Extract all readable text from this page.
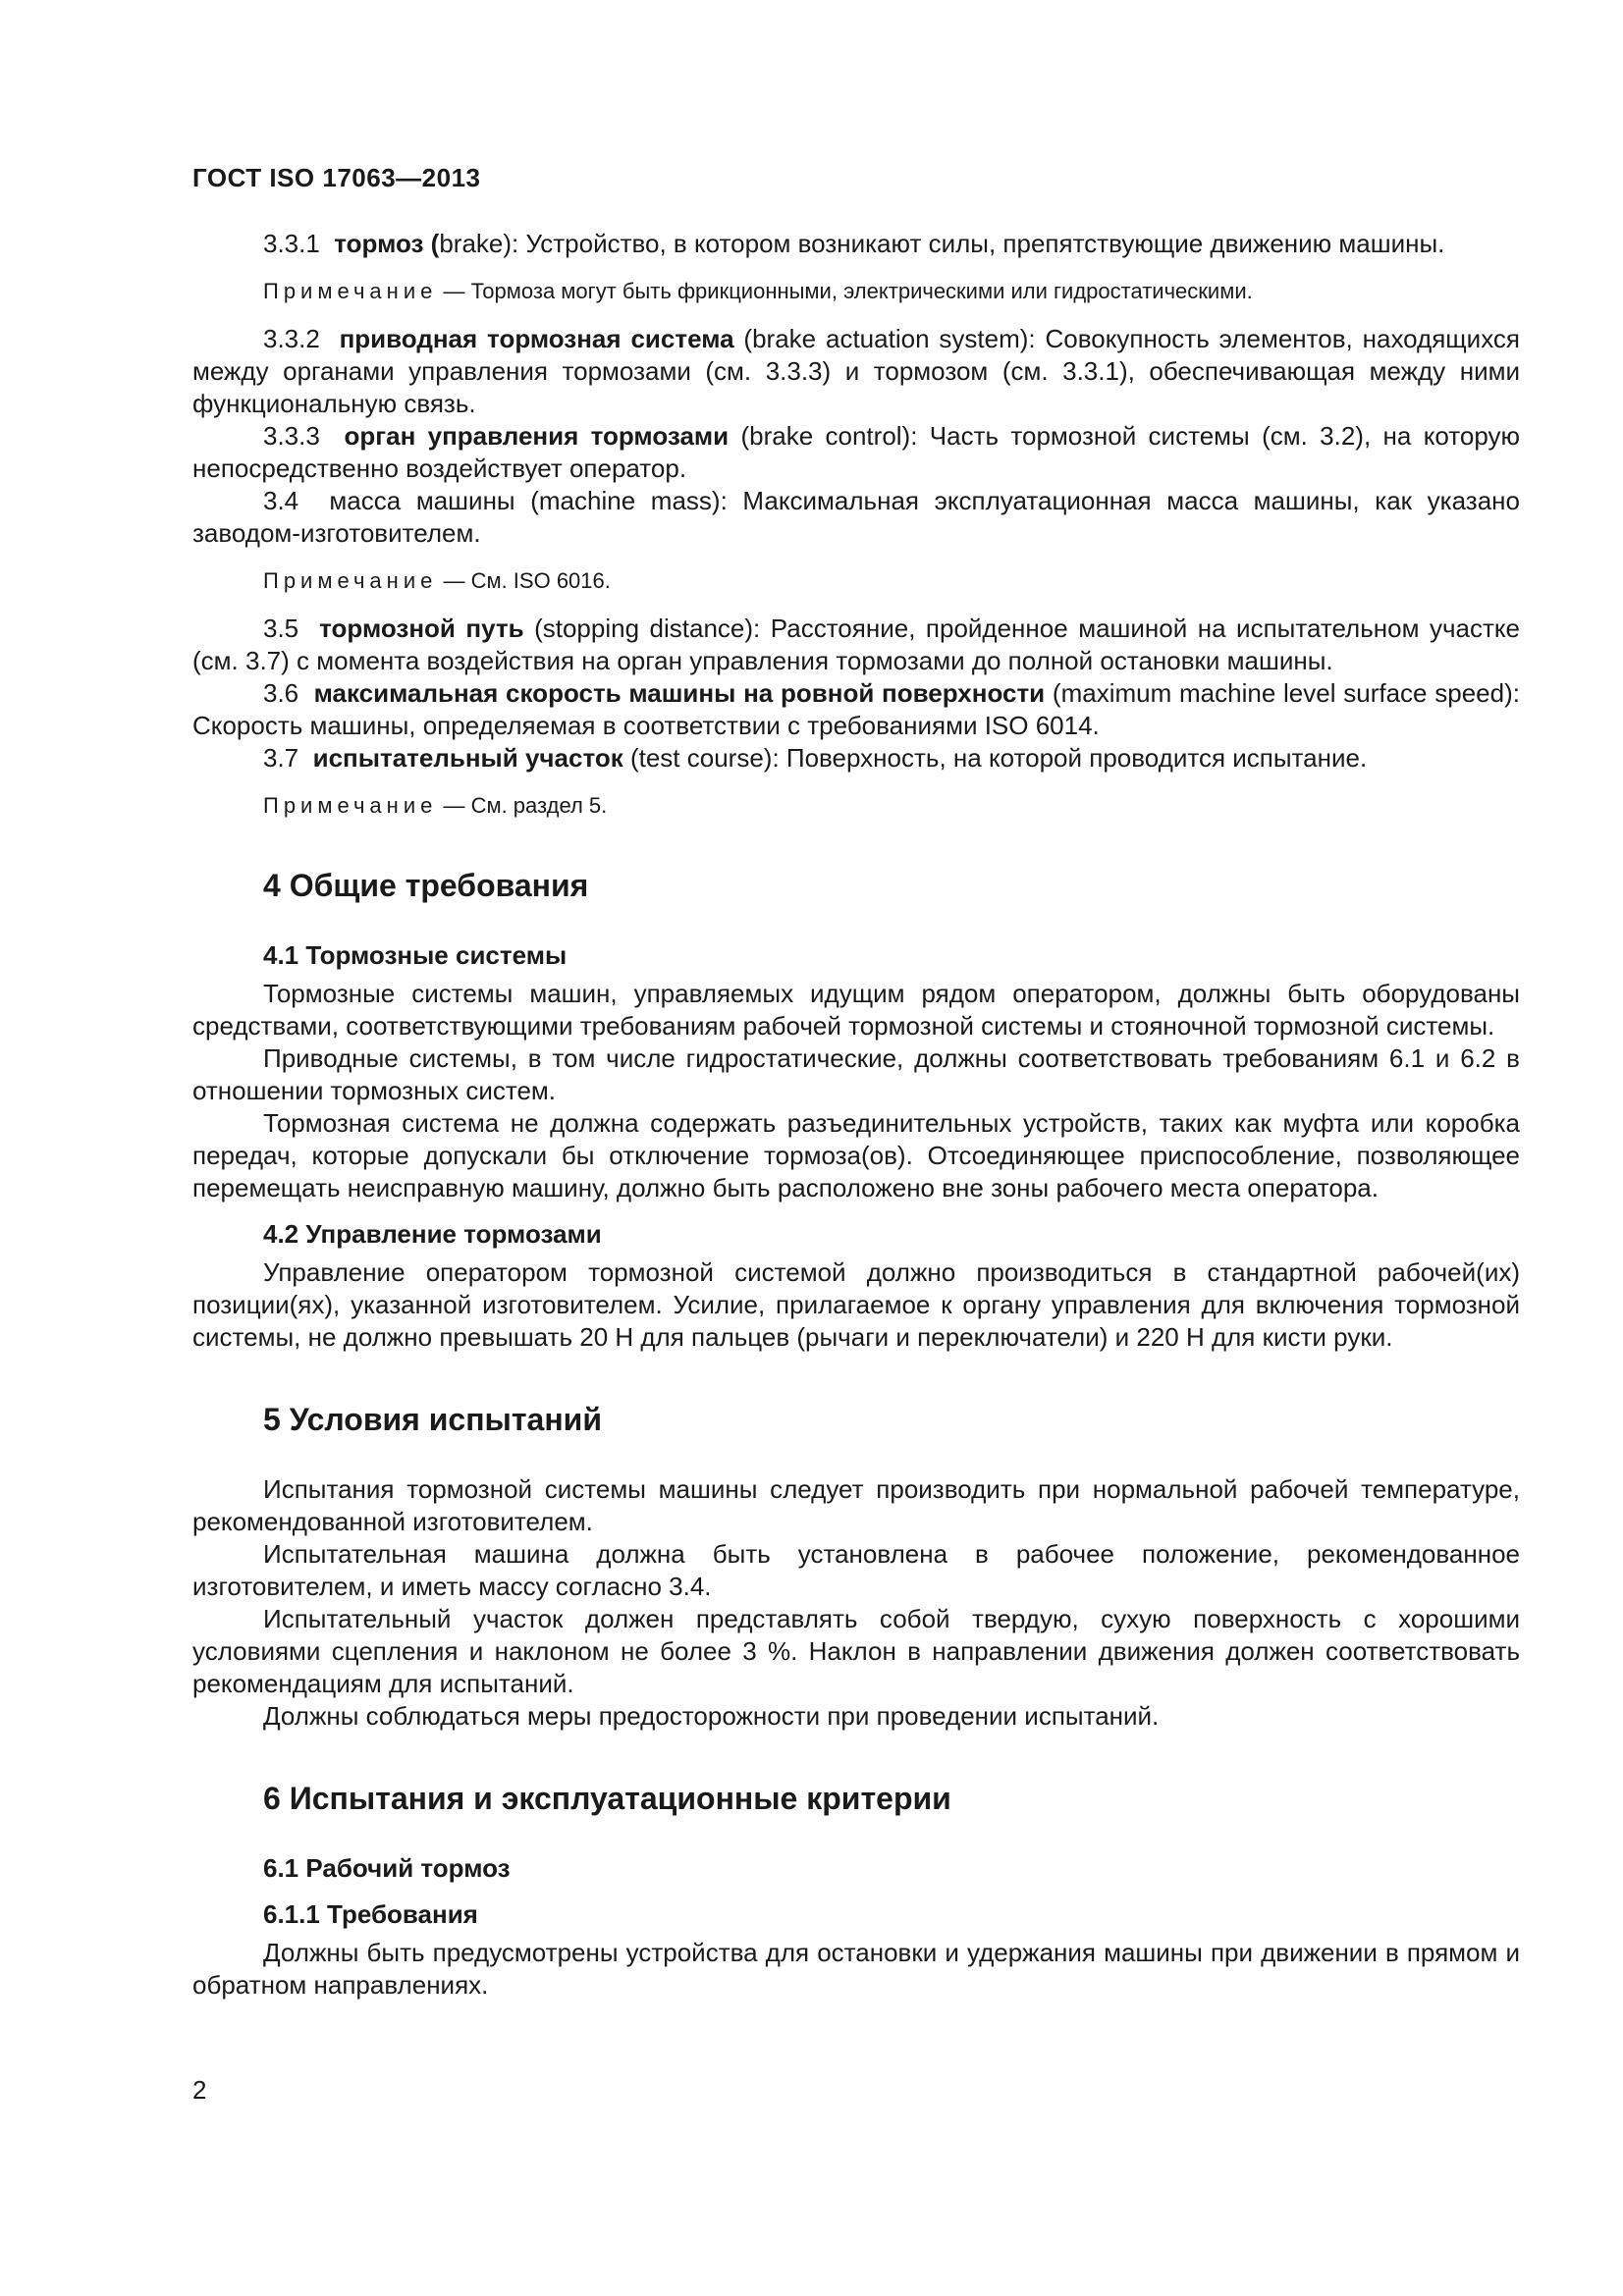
ГОСТ ISO 17063—2013

3.3.1 тормоз (brake): Устройство, в котором возникают силы, препятствующие движению машины.

Примечание — Тормоза могут быть фрикционными, электрическими или гидростатическими.

3.3.2 приводная тормозная система (brake actuation system): Совокупность элементов, находящихся между органами управления тормозами (см. 3.3.3) и тормозом (см. 3.3.1), обеспечивающая между ними функциональную связь.

3.3.3 орган управления тормозами (brake control): Часть тормозной системы (см. 3.2), на которую непосредственно воздействует оператор.

3.4 масса машины (machine mass): Максимальная эксплуатационная масса машины, как указано заводом-изготовителем.

Примечание — См. ISO 6016.

3.5 тормозной путь (stopping distance): Расстояние, пройденное машиной на испытательном участке (см. 3.7) с момента воздействия на орган управления тормозами до полной остановки машины.

3.6 максимальная скорость машины на ровной поверхности (maximum machine level surface speed): Скорость машины, определяемая в соответствии с требованиями ISO 6014.

3.7 испытательный участок (test course): Поверхность, на которой проводится испытание.

Примечание — См. раздел 5.

4 Общие требования
4.1 Тормозные системы

Тормозные системы машин, управляемых идущим рядом оператором, должны быть оборудованы средствами, соответствующими требованиям рабочей тормозной системы и стояночной тормозной системы.

Приводные системы, в том числе гидростатические, должны соответствовать требованиям 6.1 и 6.2 в отношении тормозных систем.

Тормозная система не должна содержать разъединительных устройств, таких как муфта или коробка передач, которые допускали бы отключение тормоза(ов). Отсоединяющее приспособление, позволяющее перемещать неисправную машину, должно быть расположено вне зоны рабочего места оператора.

4.2 Управление тормозами

Управление оператором тормозной системой должно производиться в стандартной рабочей(их) позиции(ях), указанной изготовителем. Усилие, прилагаемое к органу управления для включения тормозной системы, не должно превышать 20 Н для пальцев (рычаги и переключатели) и 220 Н для кисти руки.

5 Условия испытаний

Испытания тормозной системы машины следует производить при нормальной рабочей температуре, рекомендованной изготовителем.

Испытательная машина должна быть установлена в рабочее положение, рекомендованное изготовителем, и иметь массу согласно 3.4.

Испытательный участок должен представлять собой твердую, сухую поверхность с хорошими условиями сцепления и наклоном не более 3 %. Наклон в направлении движения должен соответствовать рекомендациям для испытаний.

Должны соблюдаться меры предосторожности при проведении испытаний.

6 Испытания и эксплуатационные критерии
6.1 Рабочий тормоз
6.1.1 Требования

Должны быть предусмотрены устройства для остановки и удержания машины при движении в прямом и обратном направлениях.

2
